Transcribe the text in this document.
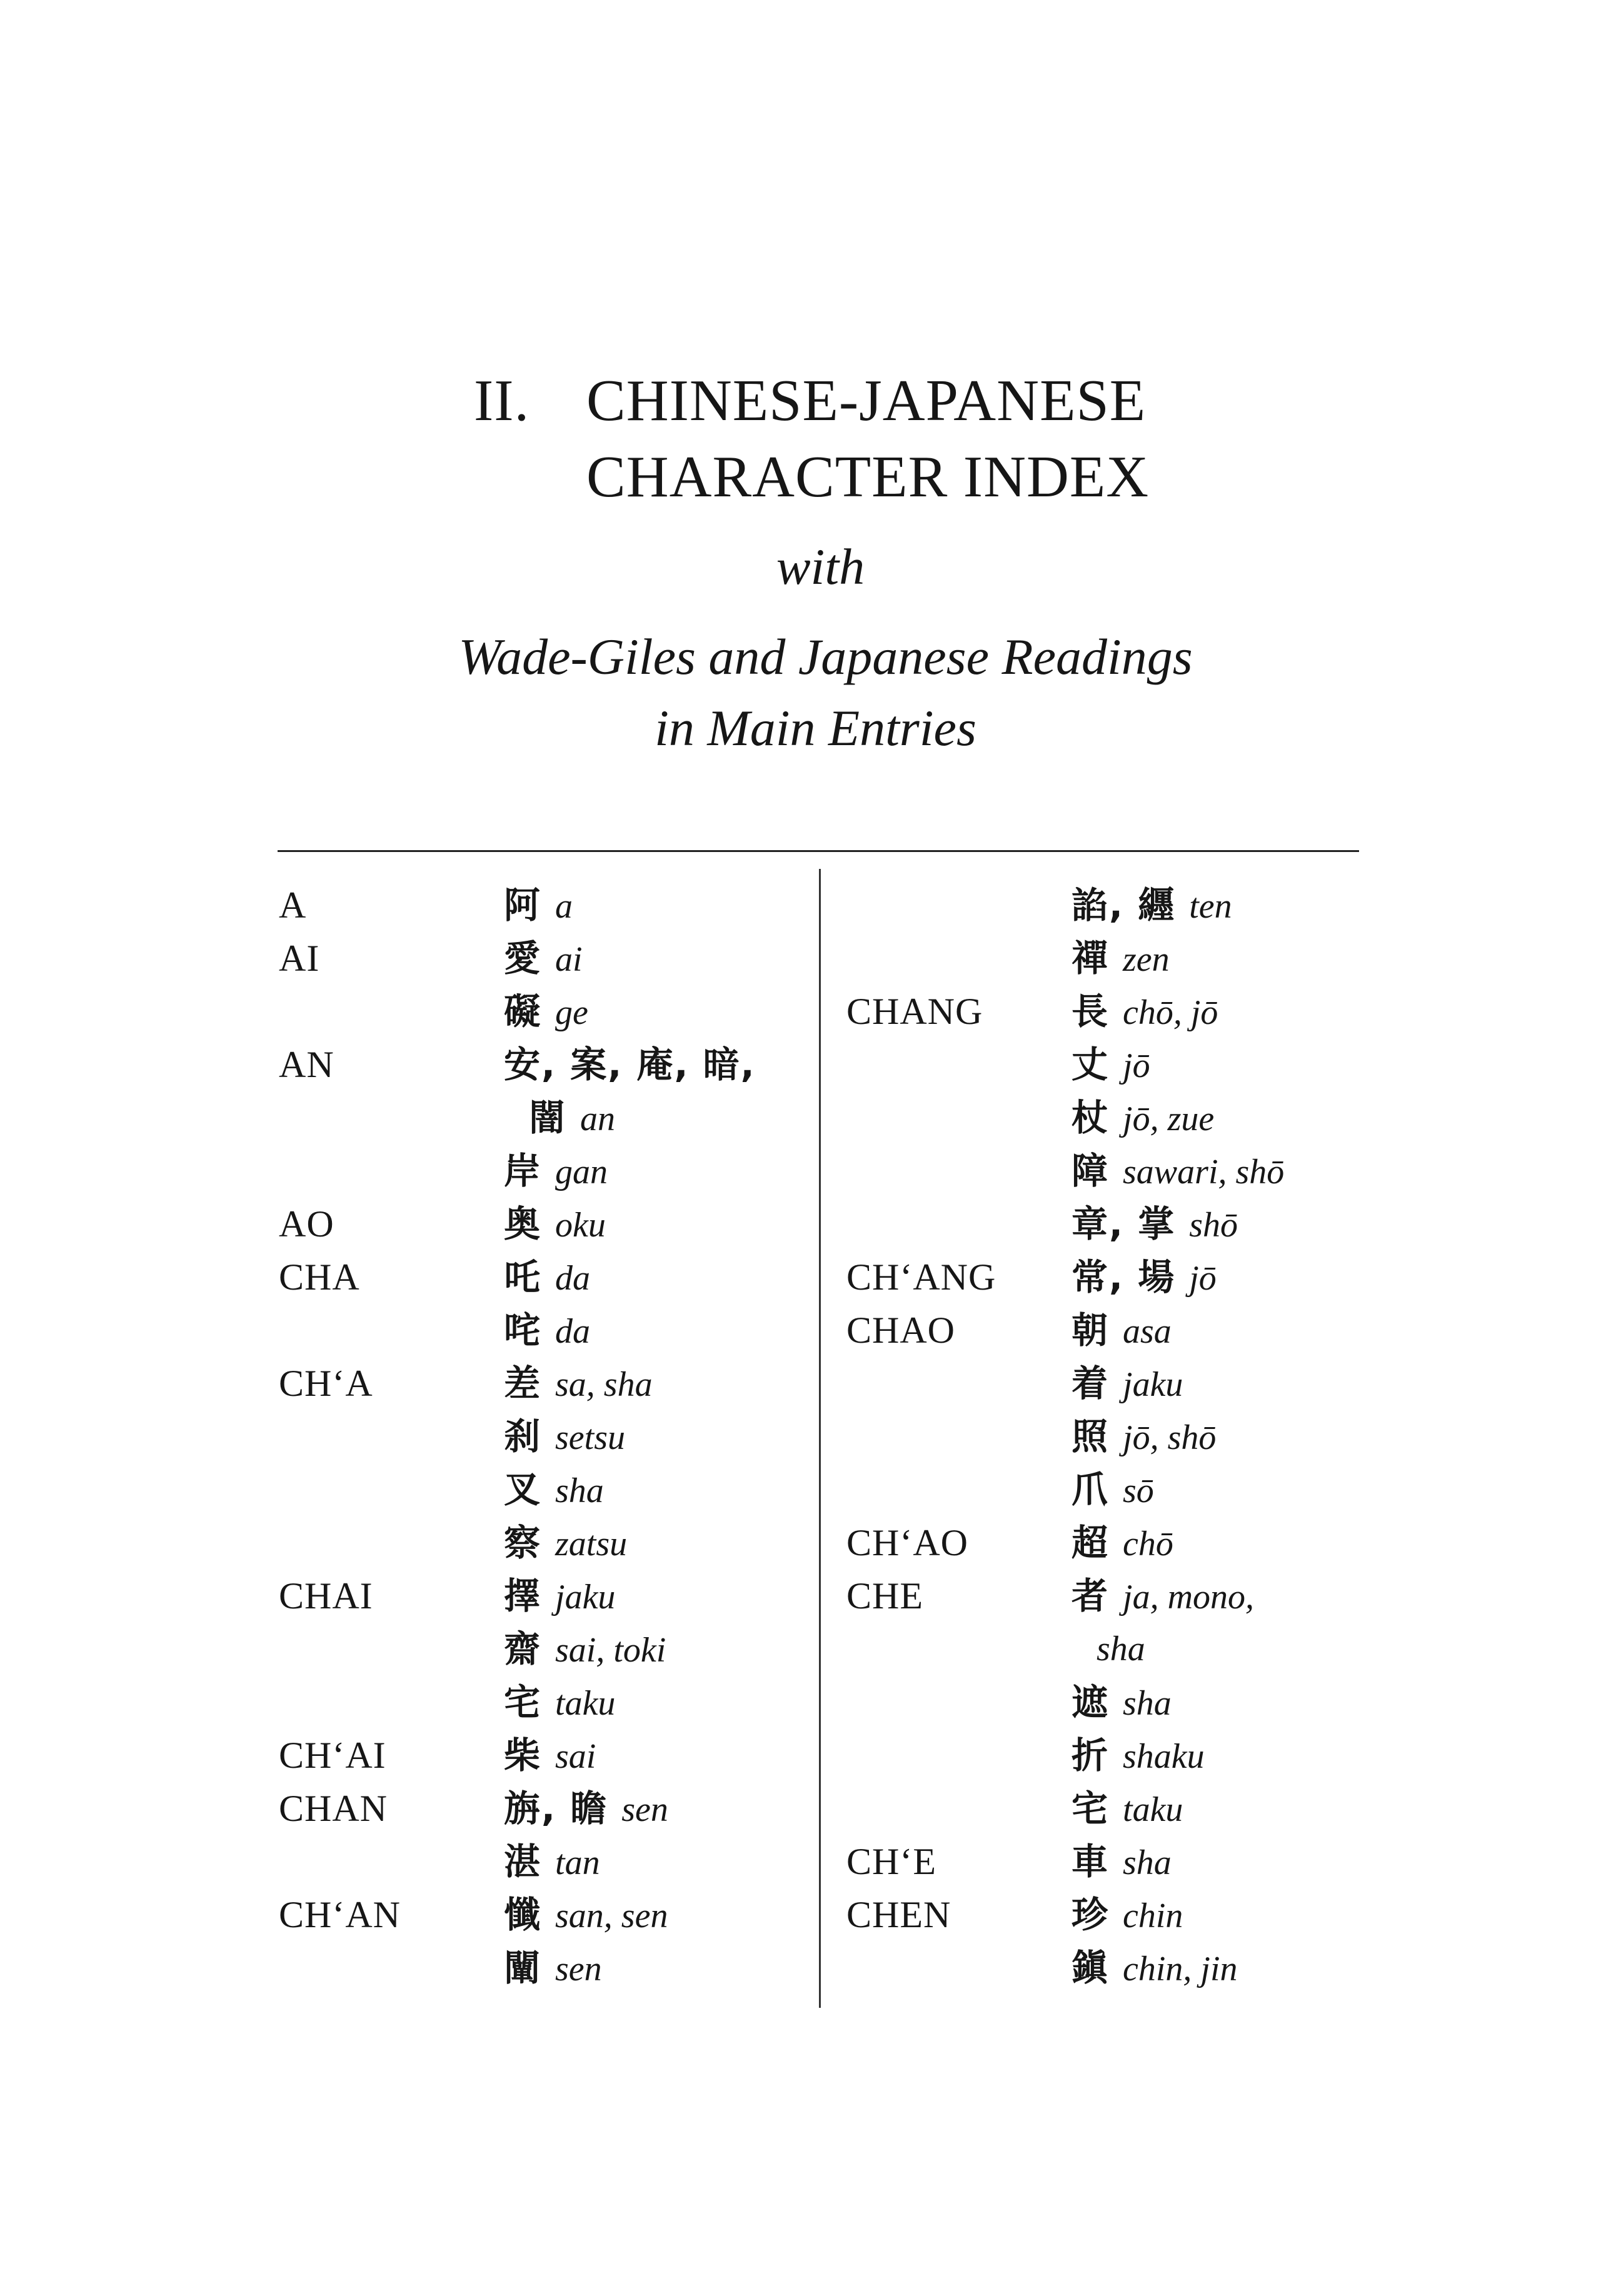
II. CHINESE-JAPANESE
CHARACTER INDEX
with
Wade-Giles and Japanese Readings
in Main Entries
A	阿 a
AI	愛 ai
礙 ge
AN	安, 案, 庵, 暗,
闇 an
岸 gan
AO	奥 oku
CHA	吒 da
咤 da
CH‘A	差 sa, sha
刹 setsu
叉 sha
察 zatsu
CHAI	擇 jaku
齋 sai, toki
宅 taku
CH‘AI	柴 sai
CHAN	旃, 瞻 sen
湛 tan
CH‘AN	懺 san, sen
闡 sen
諂, 纒 ten
禪 zen
CHANG 長 chō, jō
丈 jō
杖 jō, zue
障 sawari, shō
章, 掌 shō
CH‘ANG 常, 場 jō
CHAO	朝 asa
着 jaku
照 jō, shō
爪 sō
CH‘AO	超 chō
CHE	者 ja, mono,
sha
遮 sha
折 shaku
宅 taku
CH‘E	車 sha
CHEN	珍 chin
鎭 chin, jin
